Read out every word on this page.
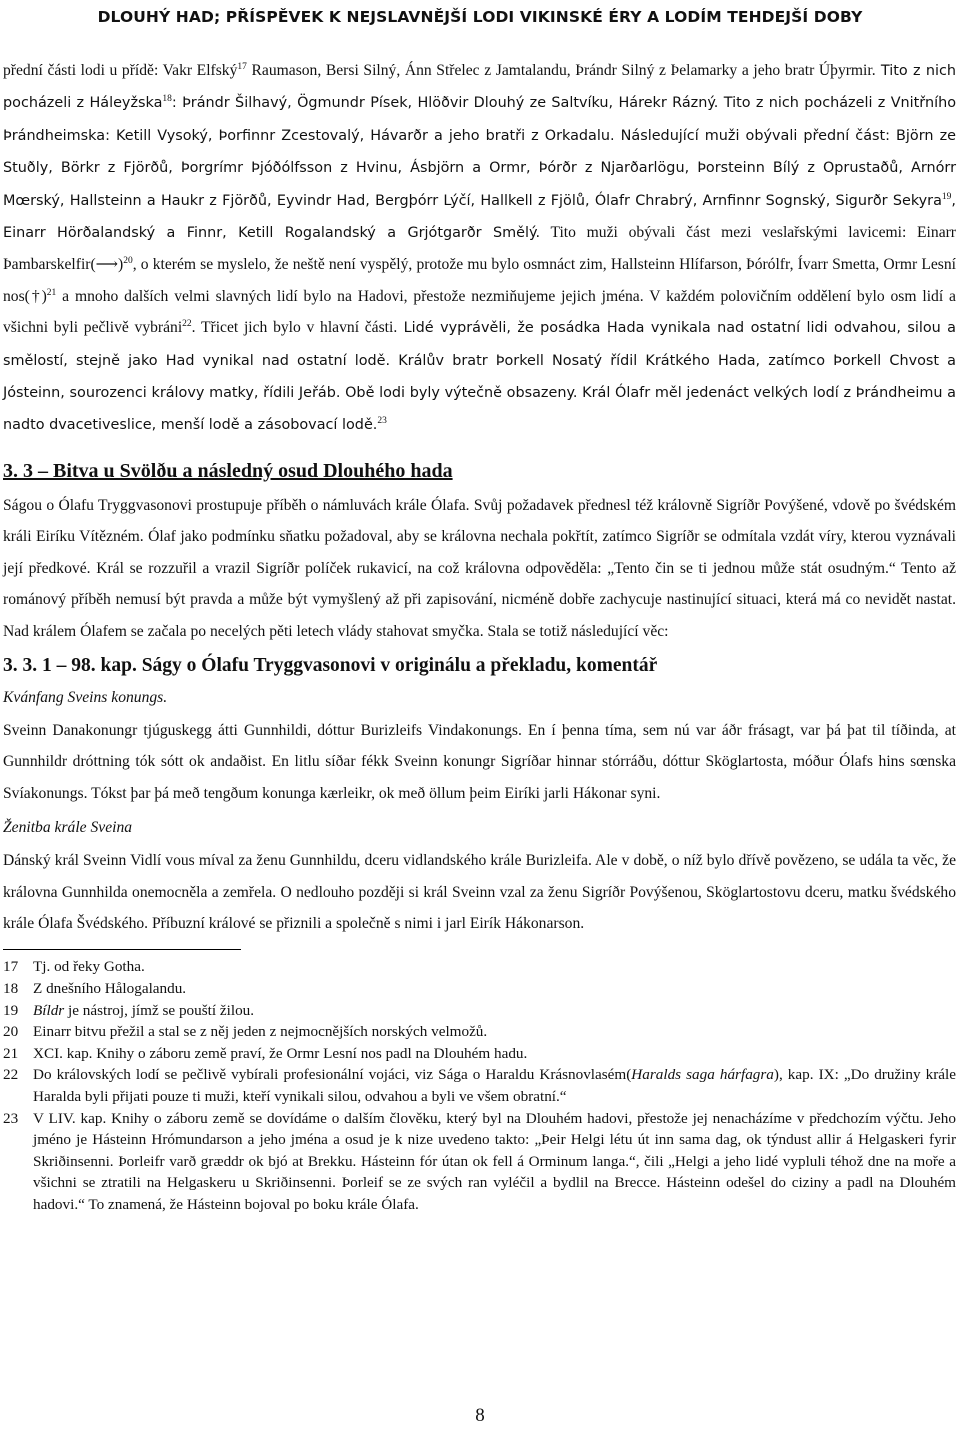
DLOUHÝ HAD; PŘÍSPĚVEK K NEJSLAVNĚJŠÍ LODI VIKINSKÉ ÉRY A LODÍM TEHDEJŠÍ DOBY

přední části lodi u přídě: Vakr Elfský$^{17}$ Raumason, Bersi Silný, Ánn Střelec z Jamtalandu, Þrándr Silný z Þelamarky a jeho bratr Úþyrmir. Tito z nich pocházeli z Háleyžska$^{18}$: Þrándr Šilhavý, Ögmundr Písek, Hlöðvir Dlouhý ze Saltvíku, Hárekr Rázný. Tito z nich pocházeli z Vnitřního Þrándheimska: Ketill Vysoký, Þorfinnr Zcestovalý, Hávarðr a jeho bratři z Orkadalu. Následující muži obývali přední část: Björn ze Stuðly, Börkr z Fjörðů, Þorgrímr Þjóðólfsson z Hvinu, Ásbjörn a Ormr, Þórðr z Njarðarlögu, Þorsteinn Bílý z Oprustaðů, Arnórr Mœrský, Hallsteinn a Haukr z Fjörðů, Eyvindr Had, Bergþórr Lýčí, Hallkell z Fjölů, Ólafr Chrabrý, Arnfinnr Sognský, Sigurðr Sekyra$^{19}$, Einarr Hörðalandský a Finnr, Ketill Rogalandský a Grjótgarðr Smělý. Tito muži obývali část mezi veslařskými lavicemi: Einarr Þambarskelfir(⟶)$^{20}$, o kterém se myslelo, že neště není vyspělý, protože mu bylo osmnáct zim, Hallsteinn Hlífarson, Þórólfr, Ívarr Smetta, Ormr Lesní nos(†)$^{21}$ a mnoho dalších velmi slavných lidí bylo na Hadovi, přestože nezmiňujeme jejich jména. V každém polovičním oddělení bylo osm lidí a všichni byli pečlivě vybráni$^{22}$. Třicet jich bylo v hlavní části. Lidé vyprávěli, že posádka Hada vynikala nad ostatní lidi odvahou, silou a smělostí, stejně jako Had vynikal nad ostatní lodě. Králův bratr Þorkell Nosatý řídil Krátkého Hada, zatímco Þorkell Chvost a Jósteinn, sourozenci královy matky, řídili Jeřáb. Obě lodi byly výtečně obsazeny. Král Ólafr měl jedenáct velkých lodí z Þrándheimu a nadto dvacetiveslice, menší lodě a zásobovací lodě.$^{23}$

3. 3 – Bitva u Svölðu a následný osud Dlouhého hada

Ságou o Ólafu Tryggvasonovi prostupuje příběh o námluvách krále Ólafa. Svůj požadavek přednesl též královně Sigríðr Povýšené, vdově po švédském králi Eiríku Vítězném. Ólaf jako podmínku sňatku požadoval, aby se královna nechala pokřtít, zatímco Sigríðr se odmítala vzdát víry, kterou vyznávali její předkové. Král se rozzuřil a vrazil Sigríðr políček rukavicí, na což královna odpověděla: „Tento čin se ti jednou může stát osudným.“ Tento až románový příběh nemusí být pravda a může být vymyšlený až při zapisování, nicméně dobře zachycuje nastinující situaci, která má co nevidět nastat. Nad králem Ólafem se začala po necelých pěti letech vlády stahovat smyčka. Stala se totiž následující věc:

3. 3. 1 – 98. kap. Ságy o Ólafu Tryggvasonovi v originálu a překladu, komentář
Kvánfang Sveins konungs.

Sveinn Danakonungr tjúguskegg átti Gunnhildi, dóttur Burizleifs Vindakonungs. En í þenna tíma, sem nú var áðr frásagt, var þá þat til tíðinda, at Gunnhildr dróttning tók sótt ok andaðist. En litlu síðar fékk Sveinn konungr Sigríðar hinnar stórráðu, dóttur Sköglartosta, móður Ólafs hins sœnska Svíakonungs. Tókst þar þá með tengðum konunga kærleikr, ok með öllum þeim Eiríki jarli Hákonar syni.

Ženitba krále Sveina

Dánský král Sveinn Vidlí vous míval za ženu Gunnhildu, dceru vidlandského krále Burizleifa. Ale v době, o níž bylo dřívě povězeno, se udála ta věc, že královna Gunnhilda onemocněla a zemřela. O nedlouho později si král Sveinn vzal za ženu Sigríðr Povýšenou, Sköglartostovu dceru, matku švédského krále Ólafa Švédského. Příbuzní králové se přiznili a společně s nimi i jarl Eirík Hákonarson.

17 Tj. od řeky Gotha.
18 Z dnešního Hålogalandu.
19 Bíldr je nástroj, jímž se pouští žilou.
20 Einarr bitvu přežil a stal se z něj jeden z nejmocnějších norských velmožů.
21 XCI. kap. Knihy o záboru země praví, že Ormr Lesní nos padl na Dlouhém hadu.
22 Do královských lodí se pečlivě vybírali profesionální vojáci, viz Sága o Haraldu Krásnovlasém(Haralds saga hárfagra), kap. IX: „Do družiny krále Haralda byli přijati pouze ti muži, kteří vynikali silou, odvahou a byli ve všem obratní.“
23 V LIV. kap. Knihy o záboru země se dovídáme o dalším člověku, který byl na Dlouhém hadovi, přestože jej nenacházíme v předchozím výčtu. Jeho jméno je Hásteinn Hrómundarson a jeho jména a osud je k nize uvedeno takto: „Þeir Helgi létu út inn sama dag, ok týndust allir á Helgaskeri fyrir Skriðinsenni. Þorleifr varð græddr ok bjó at Brekku. Hásteinn fór útan ok fell á Orminum langa.“, čili „Helgi a jeho lidé vypluli téhož dne na moře a všichni se ztratili na Helgaskeru u Skriðinsenni. Þorleif se ze svých ran vyléčil a bydlil na Brecce. Hásteinn odešel do ciziny a padl na Dlouhém hadovi.“ To znamená, že Hásteinn bojoval po boku krále Ólafa.
8
